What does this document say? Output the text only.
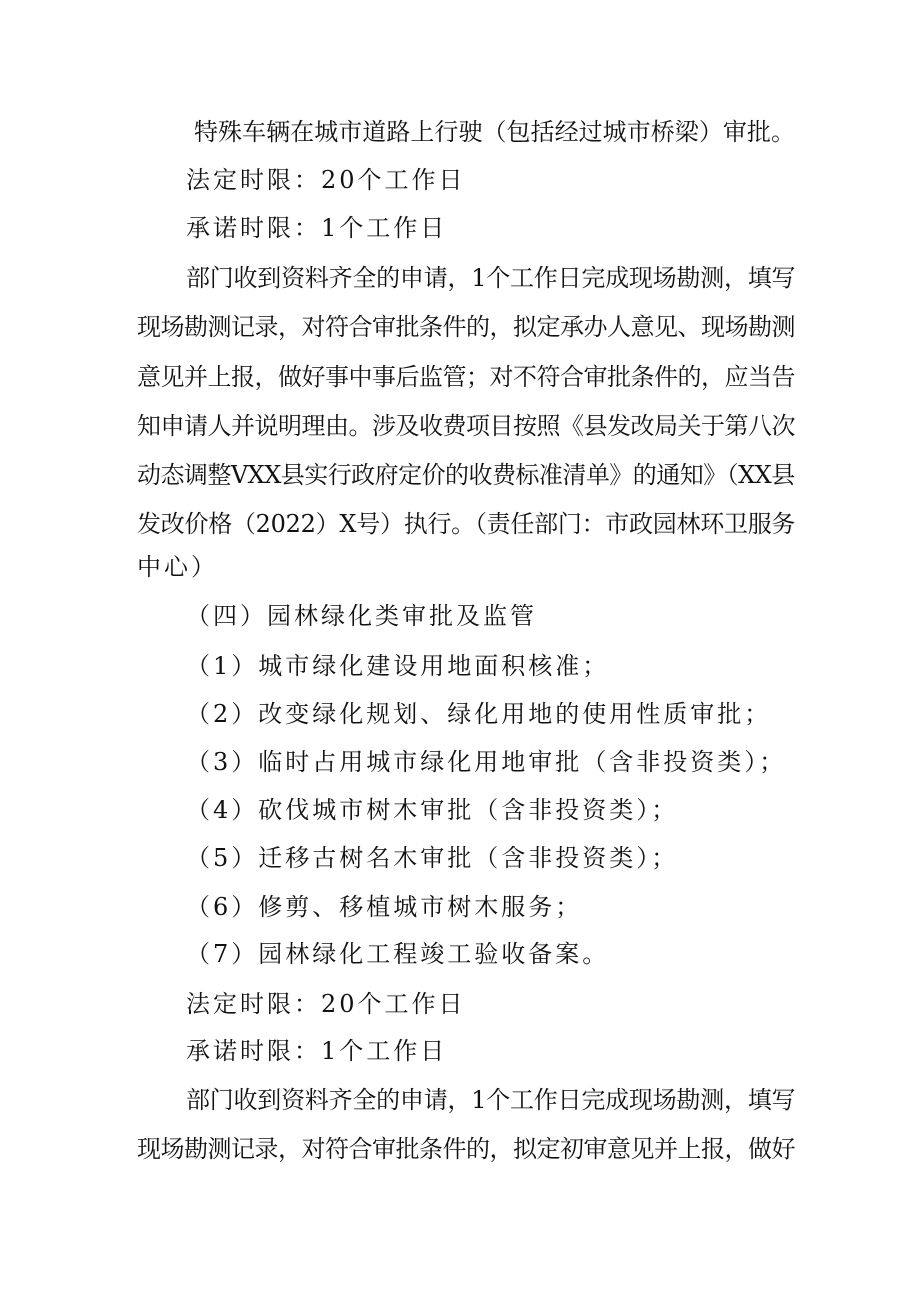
特殊车辆在城市道路上行驶（包括经过城市桥梁）审批。
法定时限：20个工作日
承诺时限：1个工作日
部门收到资料齐全的申请，1个工作日完成现场勘测，填写
现场勘测记录，对符合审批条件的，拟定承办人意见、现场勘测
意见并上报，做好事中事后监管；对不符合审批条件的，应当告
知申请人并说明理由。涉及收费项目按照《县发改局关于第八次
动态调整VXX县实行政府定价的收费标准清单》的通知》（XX县
发改价格（2022）X号）执行。（责任部门：市政园林环卫服务
中心）
（四）园林绿化类审批及监管
（1）城市绿化建设用地面积核准；
（2）改变绿化规划、绿化用地的使用性质审批；
（3）临时占用城市绿化用地审批（含非投资类）；
（4）砍伐城市树木审批（含非投资类）；
（5）迁移古树名木审批（含非投资类）；
（6）修剪、移植城市树木服务；
（7）园林绿化工程竣工验收备案。
法定时限：20个工作日
承诺时限：1个工作日
部门收到资料齐全的申请，1个工作日完成现场勘测，填写
现场勘测记录，对符合审批条件的，拟定初审意见并上报，做好
